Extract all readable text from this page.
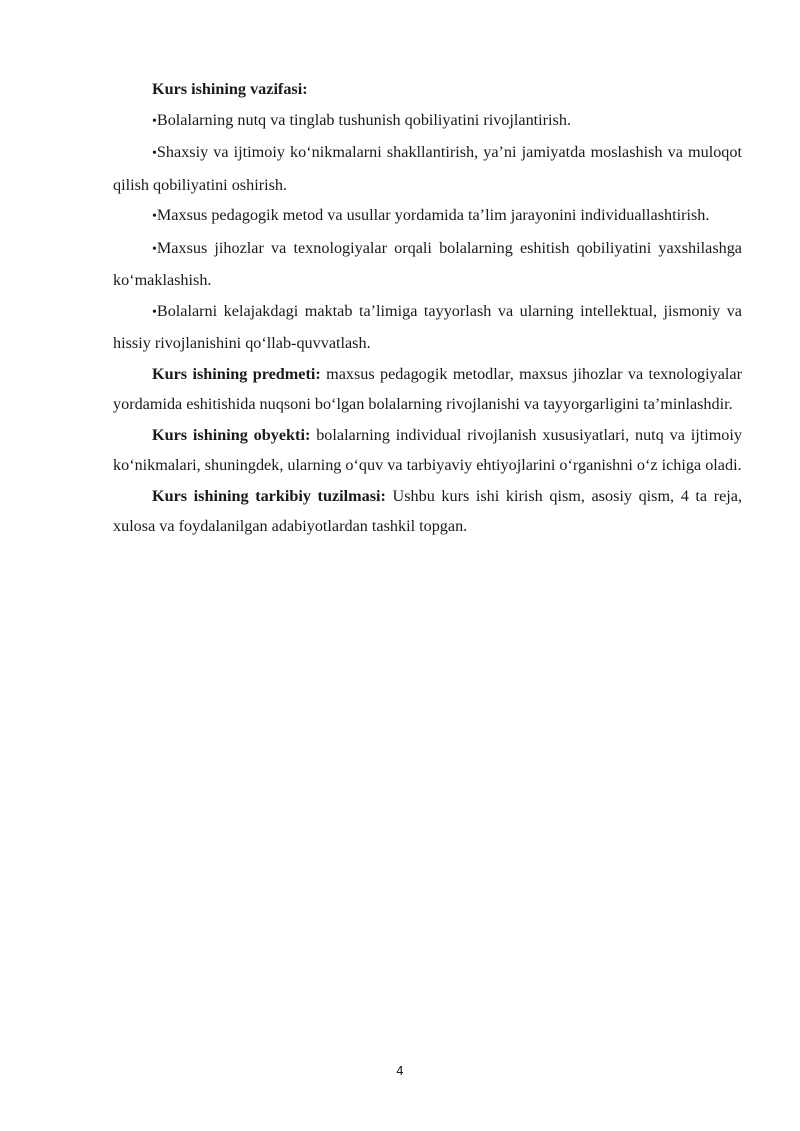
Kurs ishining vazifasi:

•Bolalarning nutq va tinglab tushunish qobiliyatini rivojlantirish.

•Shaxsiy va ijtimoiy ko‘nikmalarni shakllantirish, ya’ni jamiyatda moslashish va muloqot qilish qobiliyatini oshirish.

•Maxsus pedagogik metod va usullar yordamida ta’lim jarayonini individuallashtirish.

•Maxsus jihozlar va texnologiyalar orqali bolalarning eshitish qobiliyatini yaxshilashga ko‘maklashish.

•Bolalarni kelajakdagi maktab ta’limiga tayyorlash va ularning intellektual, jismoniy va hissiy rivojlanishini qo‘llab-quvvatlash.

Kurs ishining predmeti: maxsus pedagogik metodlar, maxsus jihozlar va texnologiyalar yordamida eshitishida nuqsoni bo‘lgan bolalarning rivojlanishi va tayyorgarligini ta’minlashdir.

Kurs ishining obyekti: bolalarning individual rivojlanish xususiyatlari, nutq va ijtimoiy ko‘nikmalari, shuningdek, ularning o‘quv va tarbiyaviy ehtiyojlarini o‘rganishni o‘z ichiga oladi.

Kurs ishining tarkibiy tuzilmasi: Ushbu kurs ishi kirish qism, asosiy qism, 4 ta reja, xulosa va foydalanilgan adabiyotlardan tashkil topgan.

4
